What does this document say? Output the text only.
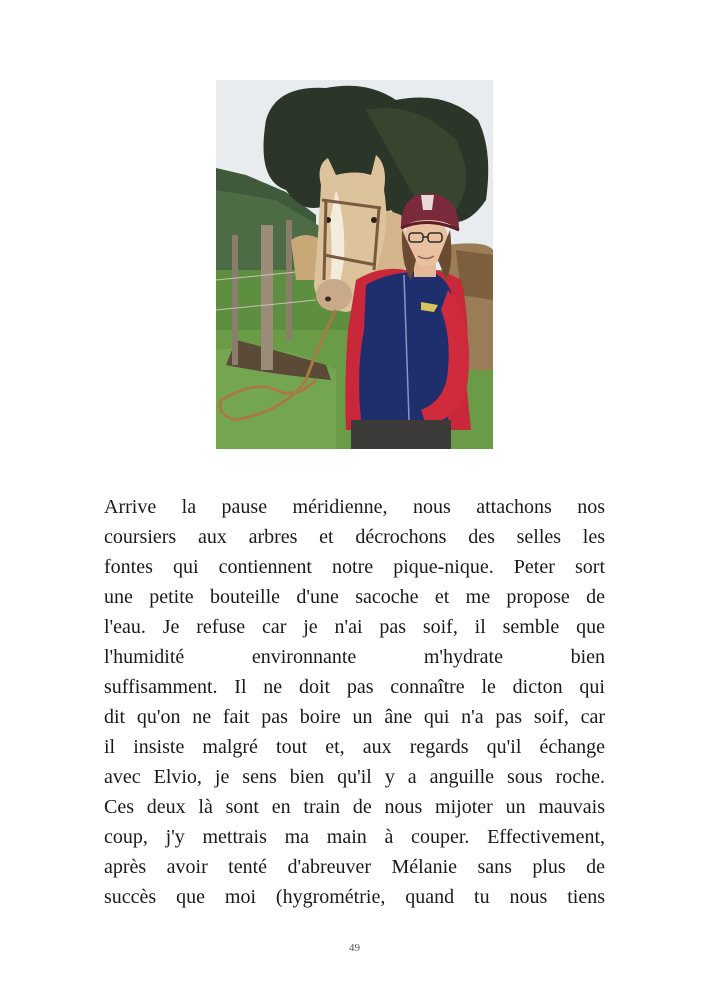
Arrive la pause méridienne, nous attachons nos
coursiers aux arbres et décrochons des selles les
fontes qui contiennent notre pique-nique. Peter sort
une petite bouteille d'une sacoche et me propose de
l'eau. Je refuse car je n'ai pas soif, il semble que
l'humidité environnante m'hydrate bien
suffisamment. Il ne doit pas connaître le dicton qui
dit qu'on ne fait pas boire un âne qui n'a pas soif, car
il insiste malgré tout et, aux regards qu'il échange
avec Elvio, je sens bien qu'il y a anguille sous roche.
Ces deux là sont en train de nous mijoter un mauvais
coup, j'y mettrais ma main à couper. Effectivement,
après avoir tenté d'abreuver Mélanie sans plus de
succès que moi (hygrométrie, quand tu nous tiens
49
